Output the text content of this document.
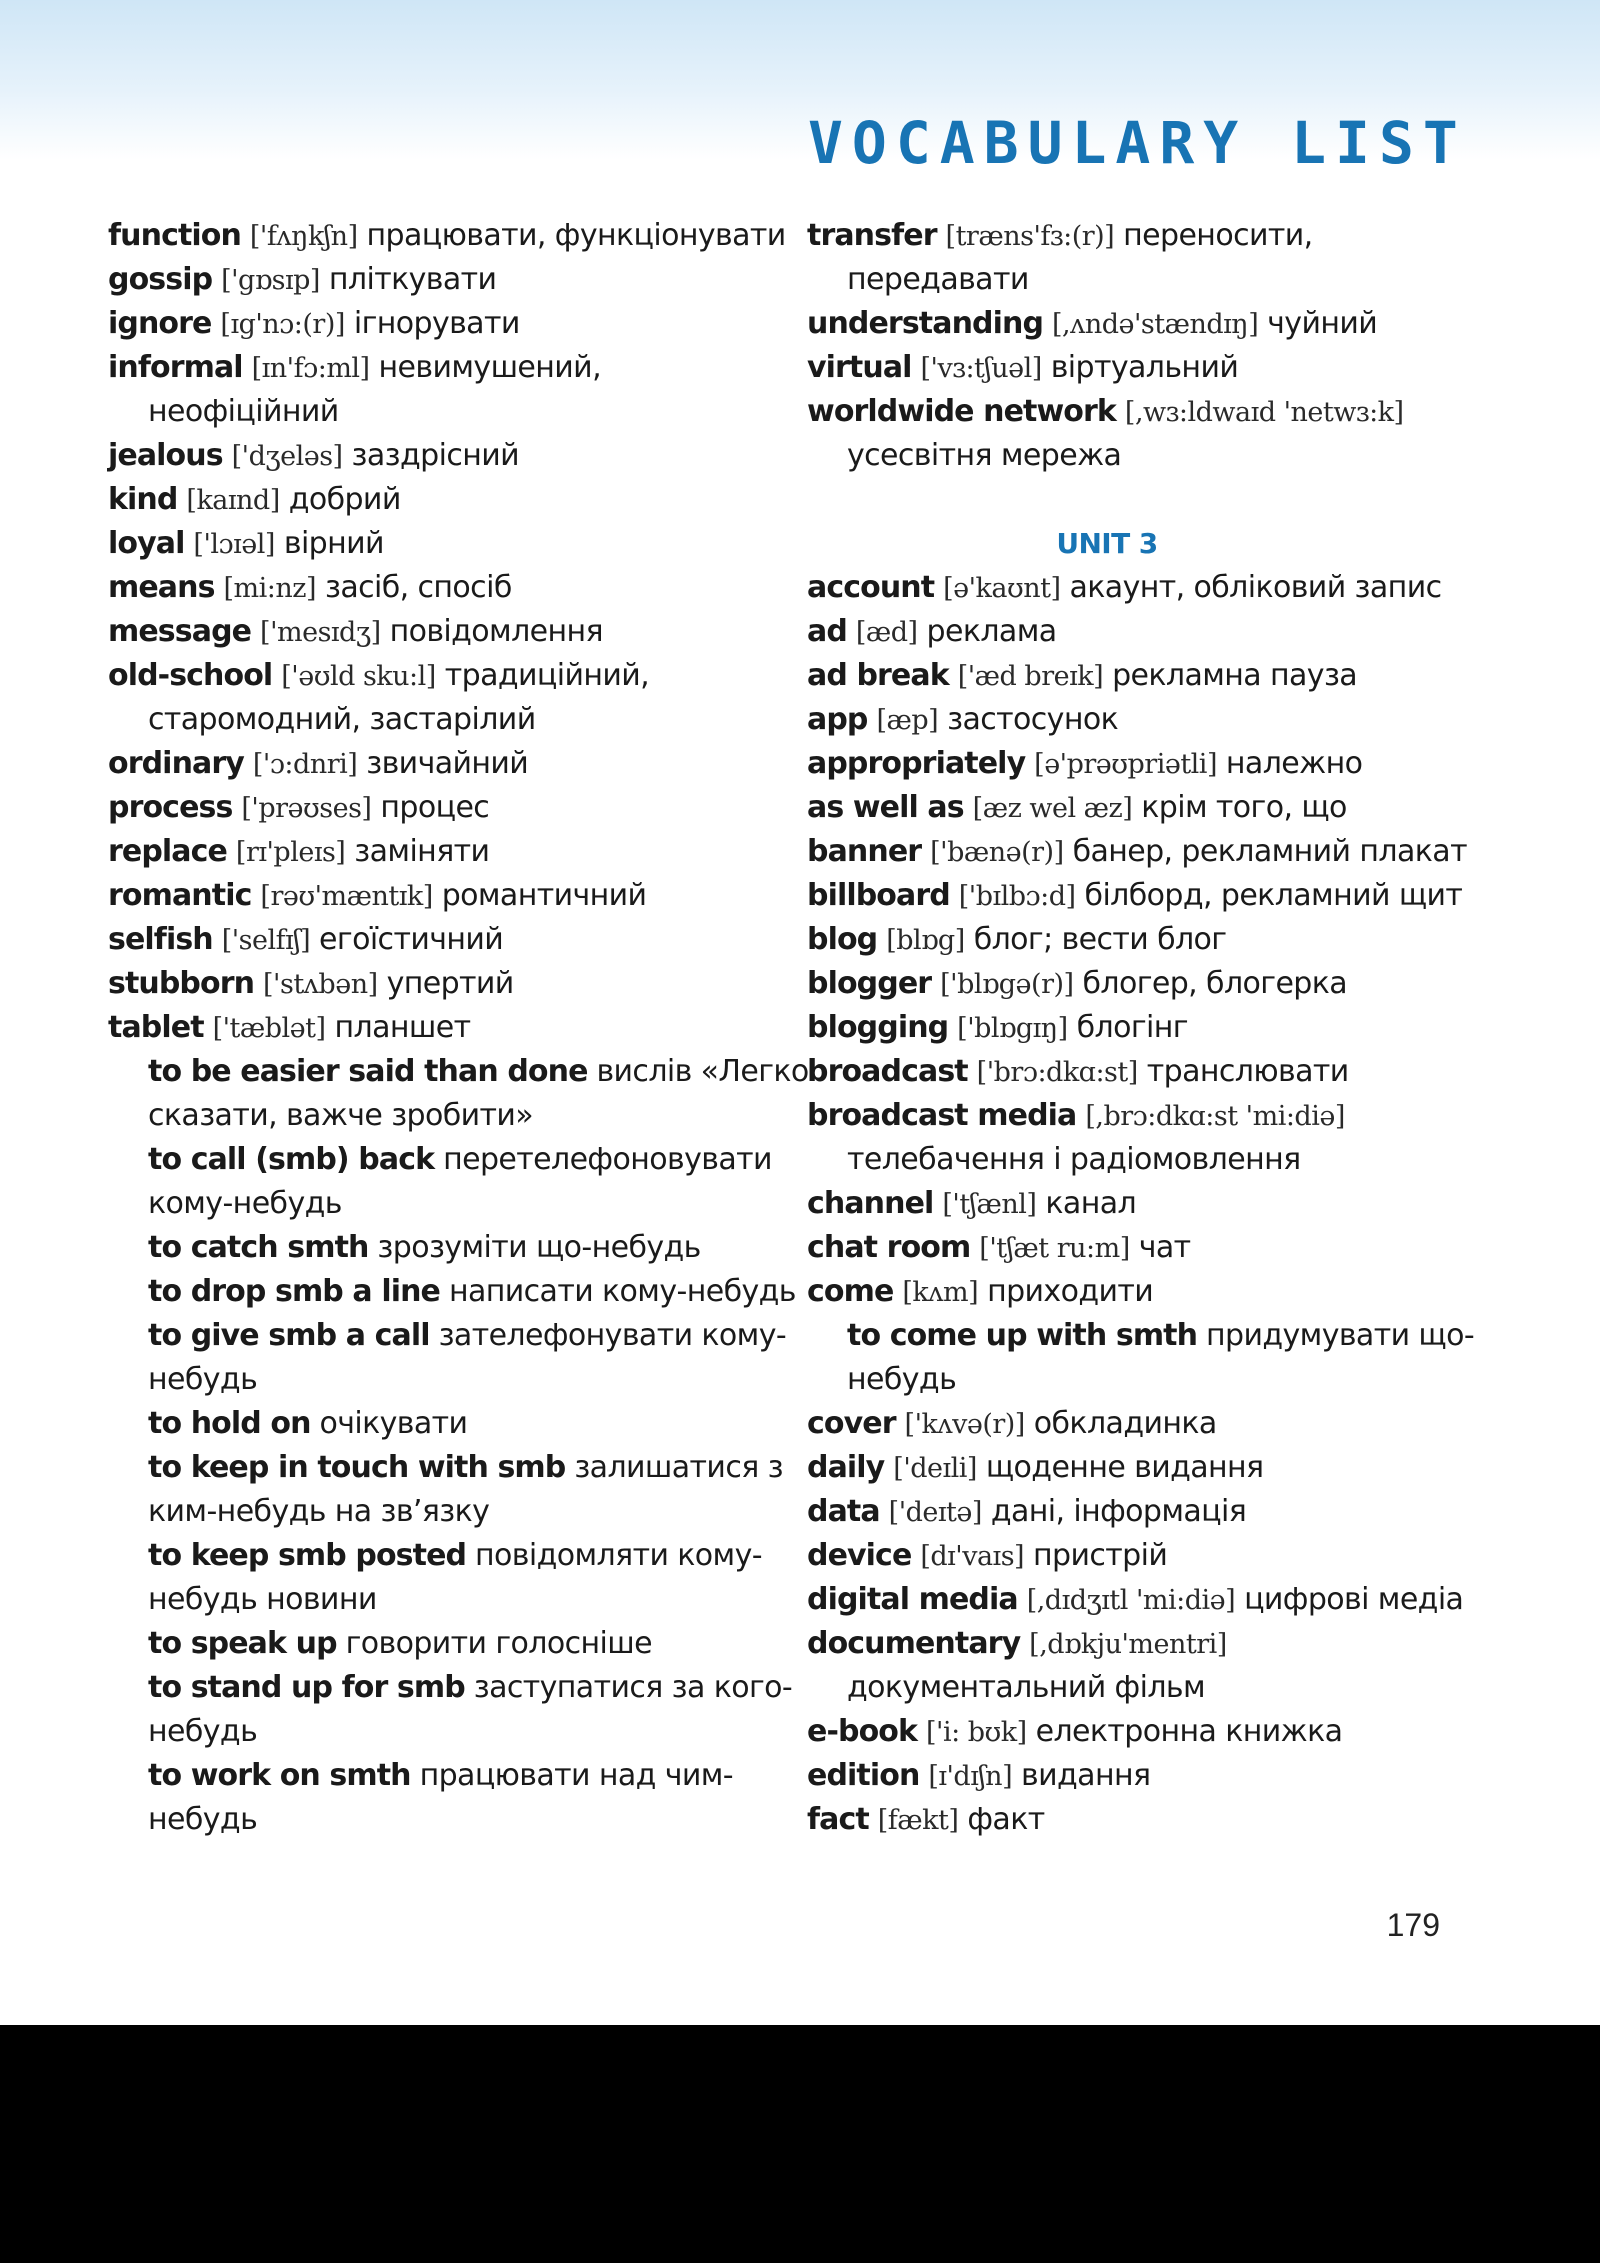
VOCABULARY LIST
function ['fʌŋkʃn] працювати, функціонувати
gossip ['gɒsɪp] пліткувати
ignore [ɪg'nɔ:(r)] ігнорувати
informal [ɪn'fɔ:ml] невимушений,
неофіційний
jealous ['dʒeləs] заздрісний
kind [kaɪnd] добрий
loyal ['lɔɪəl] вірний
means [mi:nz] засіб, спосіб
message ['mesɪdʒ] повідомлення
old-school ['əʊld sku:l] традиційний,
старомодний, застарілий
ordinary ['ɔ:dnri] звичайний
process ['prəʊses] процес
replace [rɪ'pleɪs] заміняти
romantic [rəʊ'mæntɪk] романтичний
selfish ['selfɪʃ] егоїстичний
stubborn ['stʌbən] упертий
tablet ['tæblət] планшет
to be easier said than done вислів «Легко
сказати, важче зробити»
to call (smb) back перетелефоновувати
кому-небудь
to catch smth зрозуміти що-небудь
to drop smb a line написати кому-небудь
to give smb a call зателефонувати кому-
небудь
to hold on очікувати
to keep in touch with smb залишатися з
ким-небудь на зв’язку
to keep smb posted повідомляти кому-
небудь новини
to speak up говорити голосніше
to stand up for smb заступатися за кого-
небудь
to work on smth працювати над чим-
небудь
transfer [træns'fɜ:(r)] переносити,
передавати
understanding [,ʌndə'stændɪŋ] чуйний
virtual ['vɜ:tʃuəl] віртуальний
worldwide network [,wɜ:ldwaɪd 'netwɜ:k]
усесвітня мережа
UNIT 3
account [ə'kaʊnt] акаунт, обліковий запис
ad [æd] реклама
ad break ['æd breɪk] рекламна пауза
app [æp] застосунок
appropriately [ə'prəʊpriətli] належно
as well as [æz wel æz] крім того, що
banner ['bænə(r)] банер, рекламний плакат
billboard ['bɪlbɔ:d] білборд, рекламний щит
blog [blɒg] блог; вести блог
blogger ['blɒgə(r)] блогер, блогерка
blogging ['blɒgɪŋ] блогінг
broadcast ['brɔ:dkɑ:st] транслювати
broadcast media [,brɔ:dkɑ:st 'mi:diə]
телебачення і радіомовлення
channel ['tʃænl] канал
chat room ['tʃæt ru:m] чат
come [kʌm] приходити
to come up with smth придумувати що-
небудь
cover ['kʌvə(r)] обкладинка
daily ['deɪli] щоденне видання
data ['deɪtə] дані, інформація
device [dɪ'vaɪs] пристрій
digital media [,dɪdʒɪtl 'mi:diə] цифрові медіа
documentary [,dɒkju'mentri]
документальний фільм
e-book ['i: bʊk] електронна книжка
edition [ɪ'dɪʃn] видання
fact [fækt] факт
179
